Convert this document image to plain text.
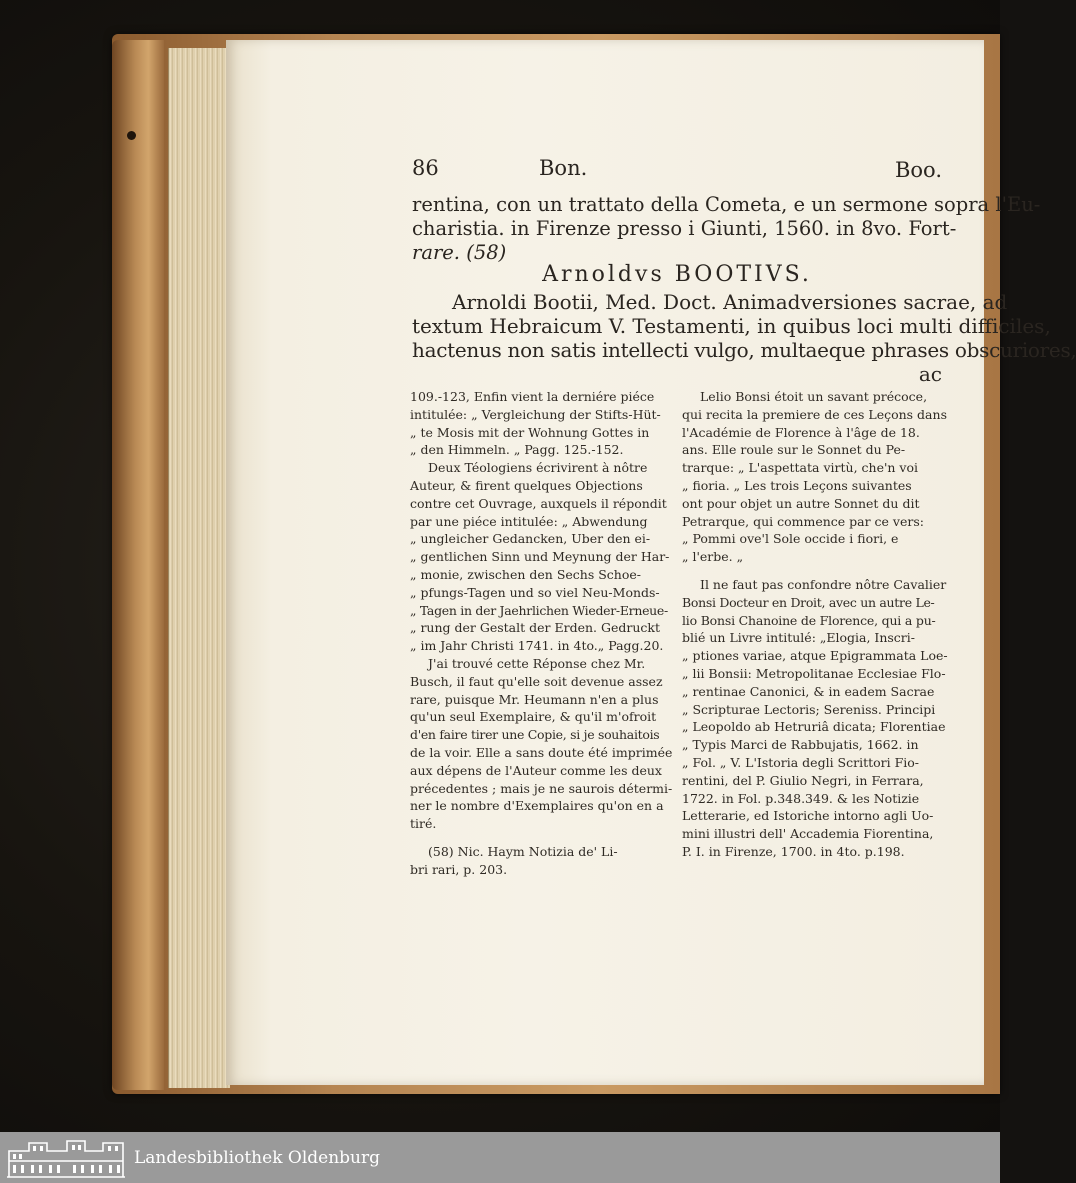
86	Bon.	Boo.
rentina, con un trattato della Cometa, e un sermone sopra l'Eu-
charistia. in Firenze presso i Giunti, 1560. in 8vo. Fort-
rare. (58)
Arnoldvs BOOTIVS.
Arnoldi Bootii, Med. Doct. Animadversiones sacrae, ad
textum Hebraicum V. Testamenti, in quibus loci multi difficiles,
hactenus non satis intellecti vulgo, multaeque phrases obscuriores,
ac
109.-123, Enfin vient la derniére piéce
intitulée: „ Vergleichung der Stifts-Hüt-
„ te Mosis mit der Wohnung Gottes in
„ den Himmeln. „ Pagg. 125.-152.
Deux Téologiens écrivirent à nôtre
Auteur, & firent quelques Objections
contre cet Ouvrage, auxquels il répondit
par une piéce intitulée: „ Abwendung
„ ungleicher Gedancken, Uber den ei-
„ gentlichen Sinn und Meynung der Har-
„ monie, zwischen den Sechs Schoe-
„ pfungs-Tagen und so viel Neu-Monds-
„ Tagen in der Jaehrlichen Wieder-Erneue-
„ rung der Gestalt der Erden. Gedruckt
„ im Jahr Christi 1741. in 4to.„ Pagg.20.
J'ai trouvé cette Réponse chez Mr.
Busch, il faut qu'elle soit devenue assez
rare, puisque Mr. Heumann n'en a plus
qu'un seul Exemplaire, & qu'il m'ofroit
d'en faire tirer une Copie, si je souhaitois
de la voir. Elle a sans doute été imprimée
aux dépens de l'Auteur comme les deux
précedentes ; mais je ne saurois détermi-
ner le nombre d'Exemplaires qu'on en a
tiré.
(58) Nic. Haym Notizia de' Li-
bri rari, p. 203.
Lelio Bonsi étoit un savant précoce,
qui recita la premiere de ces Leçons dans
l'Académie de Florence à l'âge de 18.
ans. Elle roule sur le Sonnet du Pe-
trarque: „ L'aspettata virtù, che'n voi
„ fioria. „ Les trois Leçons suivantes
ont pour objet un autre Sonnet du dit
Petrarque, qui commence par ce vers:
„ Pommi ove'l Sole occide i fiori, e
„ l'erbe. „
Il ne faut pas confondre nôtre Cavalier
Bonsi Docteur en Droit, avec un autre Le-
lio Bonsi Chanoine de Florence, qui a pu-
blié un Livre intitulé: „Elogia, Inscri-
„ ptiones variae, atque Epigrammata Loe-
„ lii Bonsii: Metropolitanae Ecclesiae Flo-
„ rentinae Canonici, & in eadem Sacrae
„ Scripturae Lectoris; Sereniss. Principi
„ Leopoldo ab Hetruriâ dicata; Florentiae
„ Typis Marci de Rabbujatis, 1662. in
„ Fol. „ V. L'Istoria degli Scrittori Fio-
rentini, del P. Giulio Negri, in Ferrara,
1722. in Fol. p.348.349. & les Notizie
Letterarie, ed Istoriche intorno agli Uo-
mini illustri dell' Accademia Fiorentina,
P. I. in Firenze, 1700. in 4to. p.198.
Landesbibliothek Oldenburg
